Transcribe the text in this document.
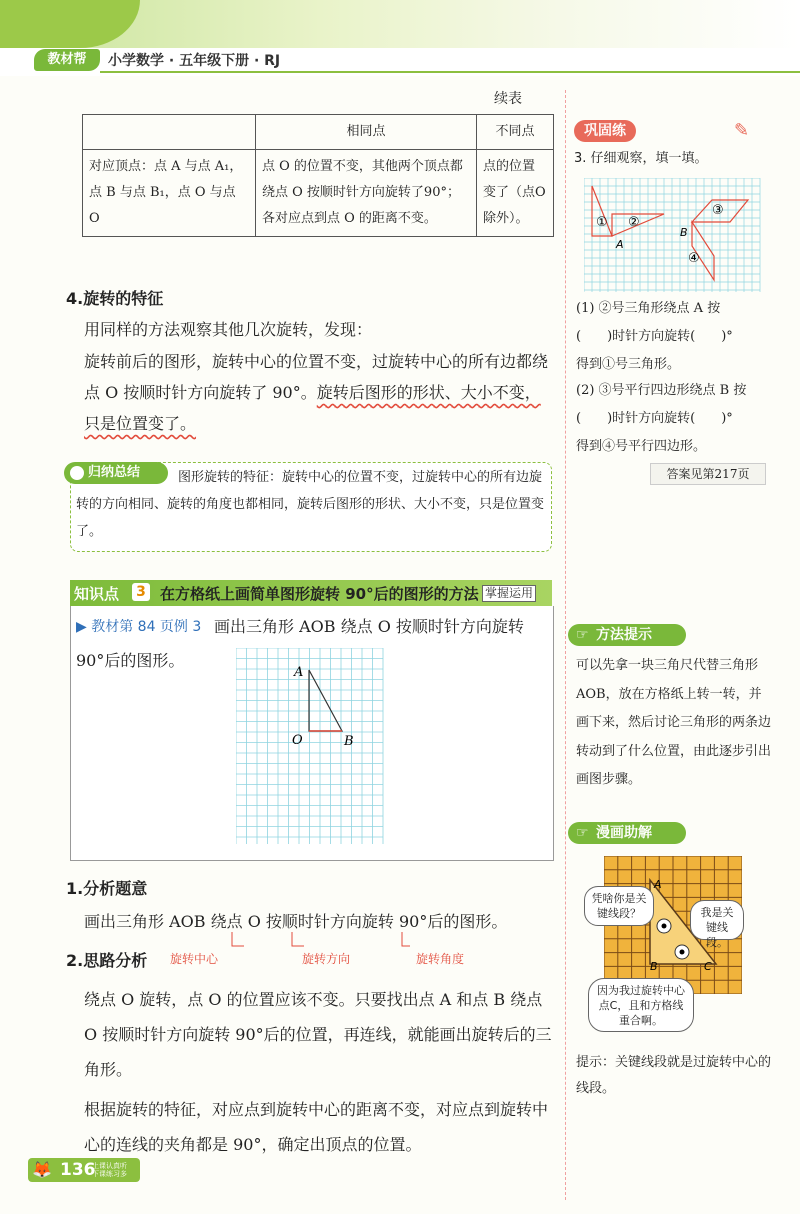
教材帮	小学数学 · 五年级下册 · RJ
续表
	相同点	不同点
对应顶点：点 A 与点 A₁，
点 B 与点 B₁，点 O 与点 O	点 O 的位置不变，其他两个顶点都绕点 O 按顺时针方向旋转了90°；各对应点到点 O 的距离不变。	点的位置变了（点O 除外）。
4.旋转的特征
用同样的方法观察其他几次旋转，发现：
旋转前后的图形，旋转中心的位置不变，过旋转中心的所有边都绕点 O 按顺时针方向旋转了 90°。旋转后图形的形状、大小不变，只是位置变了。
图形旋转的特征：旋转中心的位置不变，过旋转中心的所有边旋转的方向相同、旋转的角度也都相同，旋转后图形的形状、大小不变，只是位置变了。
归纳总结
知识点 3 在方格纸上画简单图形旋转 90°后的图形的方法 掌握运用
▶ 教材第 84 页例 3 画出三角形 AOB 绕点 O 按顺时针方向旋转
90°后的图形。
A
O	B
1.分析题意
画出三角形 AOB 绕点 O 按顺时针方向旋转 90°后的图形。
2.思路分析 旋转中心	旋转方向	旋转角度
绕点 O 旋转，点 O 的位置应该不变。只要找出点 A 和点 B 绕点 O 按顺时针方向旋转 90°后的位置，再连线，就能画出旋转后的三角形。
根据旋转的特征，对应点到旋转中心的距离不变，对应点到旋转中心的连线的夹角都是 90°，确定出顶点的位置。
巩固练	✎
3. 仔细观察，填一填。
① ②
③
④
A
B
(1) ②号三角形绕点 A 按
(　　)时针方向旋转(　　)°
得到①号三角形。
(2) ③号平行四边形绕点 B 按
(　　)时针方向旋转(　　)°
得到④号平行四边形。
答案见第217页
☞ 方法提示
可以先拿一块三角尺代替三角形 AOB，放在方格纸上转一转，并画下来，然后讨论三角形的两条边转动到了什么位置，由此逐步引出画图步骤。
☞ 漫画助解
A
B	C
凭啥你是关键线段？	我是关键线段。
因为我过旋转中心点C，且和方格线重合啊。
提示：关键线段就是过旋转中心的线段。
🦊 136
上课认真听
下课练习多
